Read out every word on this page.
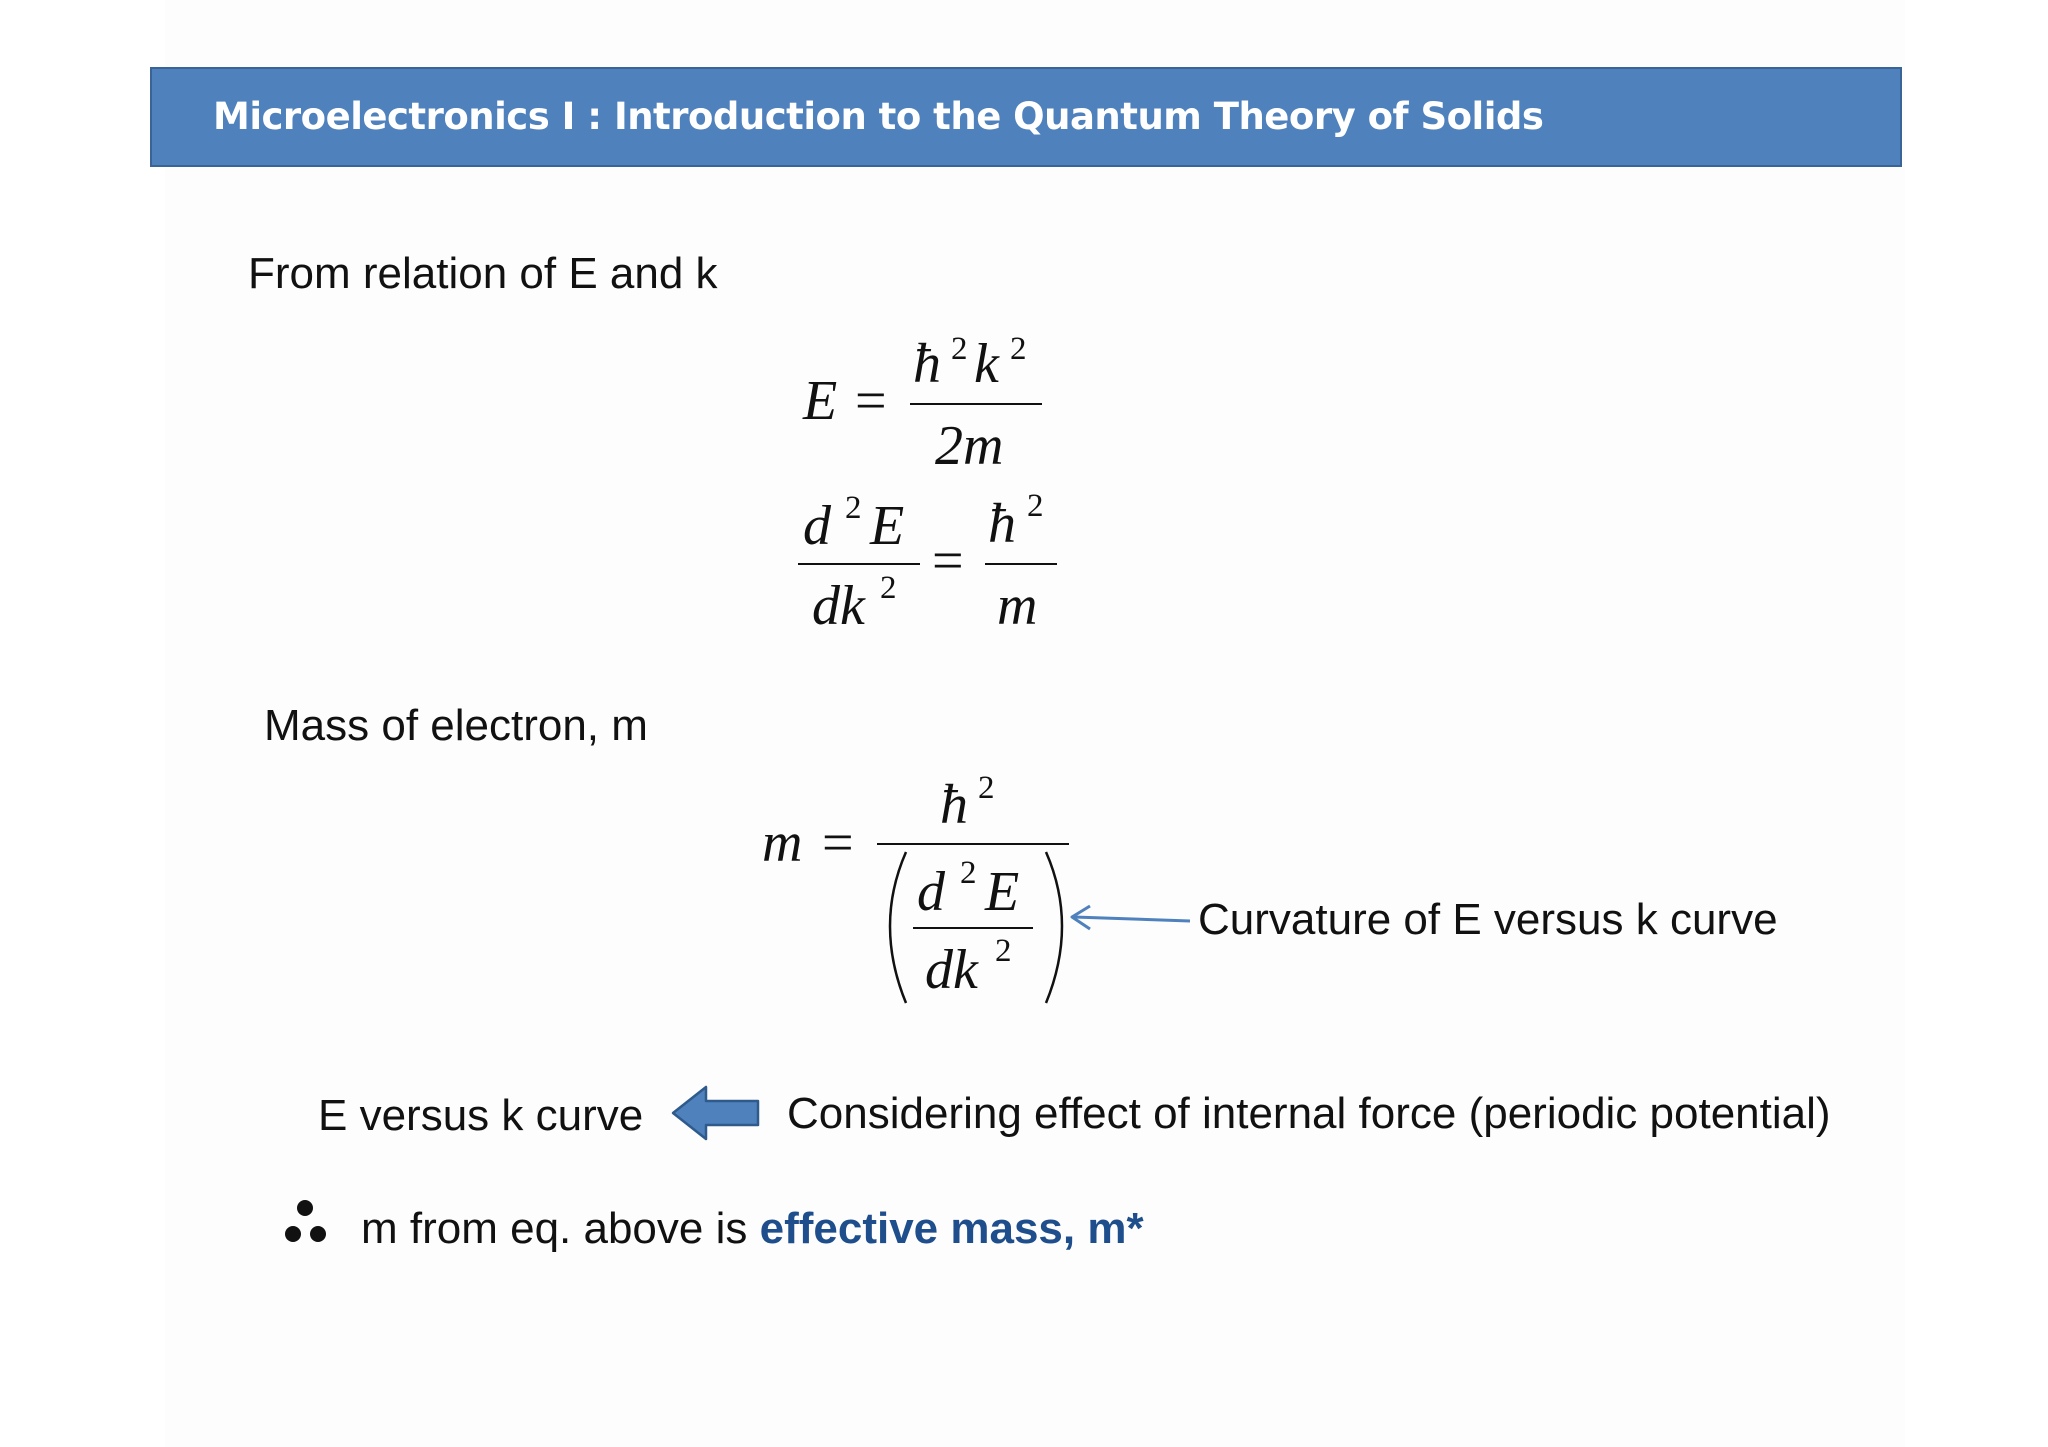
Microelectronics I : Introduction to the Quantum Theory of Solids
From relation of E and k
E =
ħ 2 k 2
2m
d 2 E
dk 2 =
ħ 2
m
Mass of electron, m
m =
ħ 2
d 2 E
dk 2
Curvature of E versus k curve
E versus k curve	Considering effect of internal force (periodic potential)
m from eq. above is effective mass, m*
